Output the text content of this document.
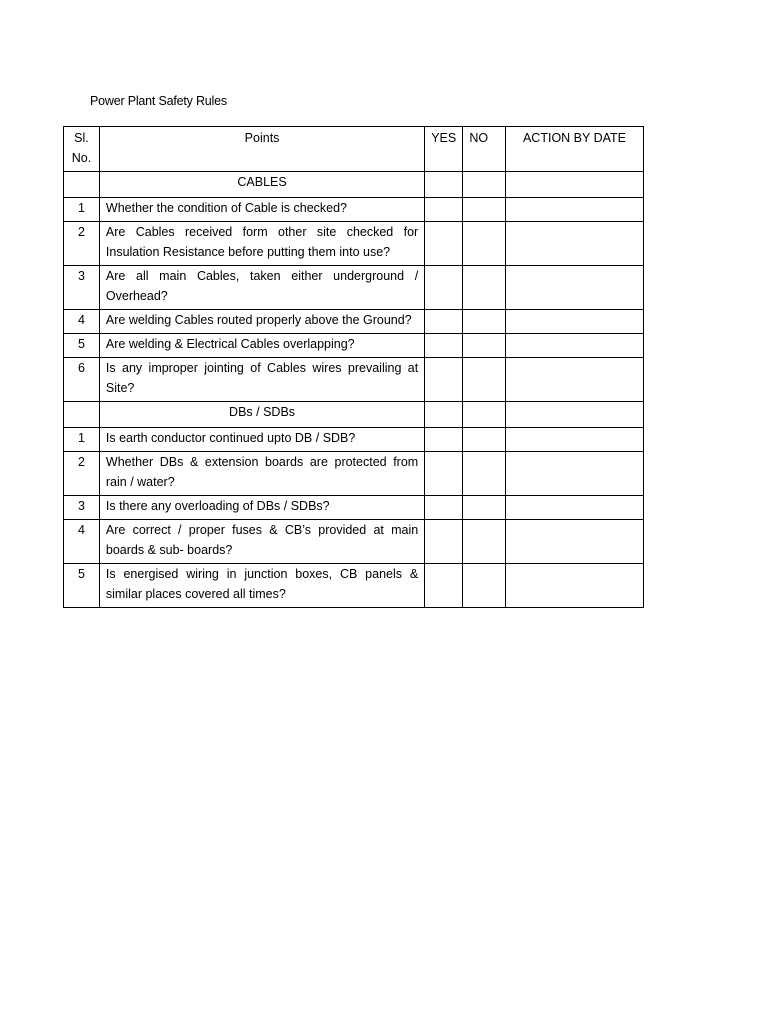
Power Plant Safety Rules
Sl. No.	Points	YES	NO	ACTION BY DATE
	CABLES			
1	Whether the condition of Cable is checked?			
2	Are Cables received form other site checked for Insulation Resistance before putting them into use?			
3	Are all main Cables, taken either underground / Overhead?			
4	Are welding Cables routed properly above the Ground?			
5	Are welding & Electrical Cables overlapping?			
6	Is any improper jointing of Cables wires prevailing at Site?			
	DBs / SDBs			
1	Is earth conductor continued upto DB / SDB?			
2	Whether DBs & extension boards are protected from rain / water?			
3	Is there any overloading of DBs / SDBs?			
4	Are correct / proper fuses & CB’s provided at main boards & sub- boards?			
5	Is energised wiring in junction boxes, CB panels & similar places covered all times?			
